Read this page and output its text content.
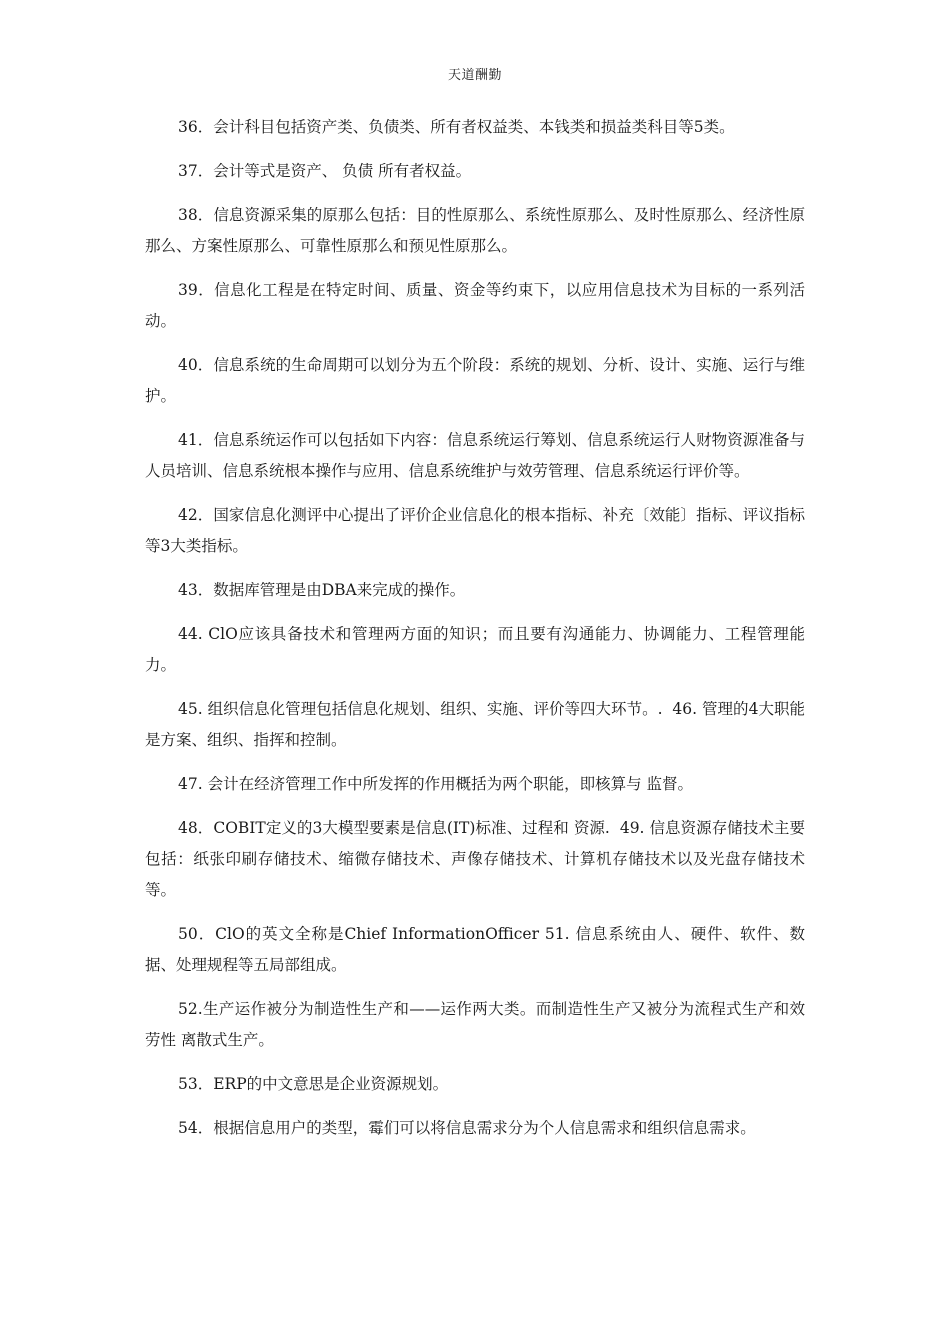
天道酬勤

36．会计科目包括资产类、负债类、所有者权益类、本钱类和损益类科目等5类。

37．会计等式是资产、 负债 所有者权益。

38．信息资源采集的原那么包括：目的性原那么、系统性原那么、及时性原那么、经济性原那么、方案性原那么、可靠性原那么和预见性原那么。

39．信息化工程是在特定时间、质量、资金等约束下，以应用信息技术为目标的一系列活动。

40．信息系统的生命周期可以划分为五个阶段：系统的规划、分析、设计、实施、运行与维护。

41．信息系统运作可以包括如下内容：信息系统运行筹划、信息系统运行人财物资源准备与人员培训、信息系统根本操作与应用、信息系统维护与效劳管理、信息系统运行评价等。

42．国家信息化测评中心提出了评价企业信息化的根本指标、补充〔效能〕指标、评议指标等3大类指标。

43．数据库管理是由DBA来完成的操作。

44. ClO应该具备技术和管理两方面的知识；而且要有沟通能力、协调能力、工程管理能力。

45. 组织信息化管理包括信息化规划、组织、实施、评价等四大环节。.  46. 管理的4大职能是方案、组织、指挥和控制。

47. 会计在经济管理工作中所发挥的作用概括为两个职能，即核算与 监督。

48．COBIT定义的3大模型要素是信息(IT)标准、过程和 资源.  49. 信息资源存储技术主要包括：纸张印刷存储技术、缩微存储技术、声像存储技术、计算机存储技术以及光盘存储技术等。

50．ClO的英文全称是Chief InformationOfficer 51. 信息系统由人、硬件、软件、数据、处理规程等五局部组成。

52.生产运作被分为制造性生产和——运作两大类。而制造性生产又被分为流程式生产和效劳性 离散式生产。

53．ERP的中文意思是企业资源规划。

54．根据信息用户的类型，霉们可以将信息需求分为个人信息需求和组织信息需求。
